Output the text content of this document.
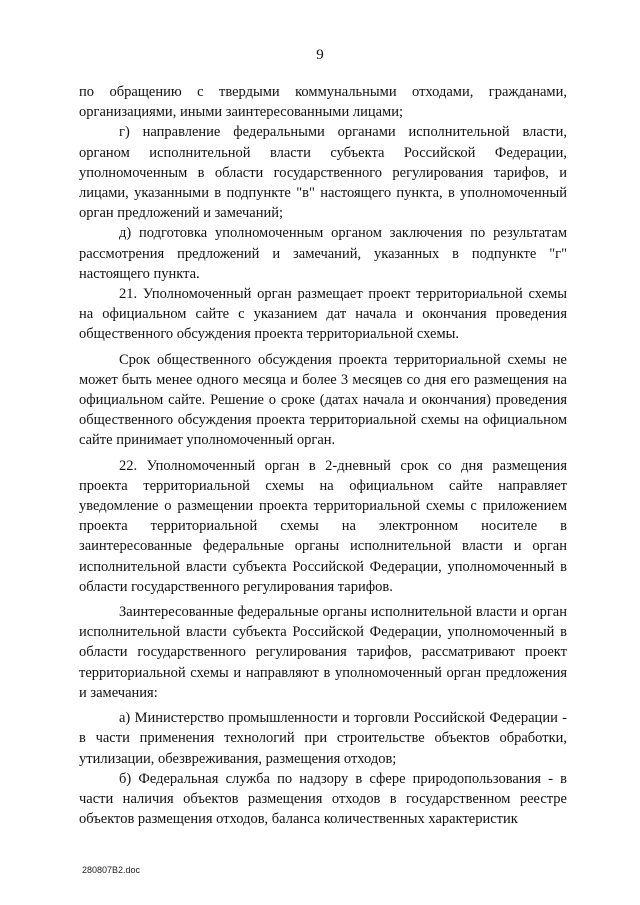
9

по обращению с твердыми коммунальными отходами, гражданами, организациями, иными заинтересованными лицами;

г) направление федеральными органами исполнительной власти, органом исполнительной власти субъекта Российской Федерации, уполномоченным в области государственного регулирования тарифов, и лицами, указанными в подпункте "в" настоящего пункта, в уполномоченный орган предложений и замечаний;

д) подготовка уполномоченным органом заключения по результатам рассмотрения предложений и замечаний, указанных в подпункте "г" настоящего пункта.

21. Уполномоченный орган размещает проект территориальной схемы на официальном сайте с указанием дат начала и окончания проведения общественного обсуждения проекта территориальной схемы.

Срок общественного обсуждения проекта территориальной схемы не может быть менее одного месяца и более 3 месяцев со дня его размещения на официальном сайте. Решение о сроке (датах начала и окончания) проведения общественного обсуждения проекта территориальной схемы на официальном сайте принимает уполномоченный орган.

22. Уполномоченный орган в 2-дневный срок со дня размещения проекта территориальной схемы на официальном сайте направляет уведомление о размещении проекта территориальной схемы с приложением проекта территориальной схемы на электронном носителе в заинтересованные федеральные органы исполнительной власти и орган исполнительной власти субъекта Российской Федерации, уполномоченный в области государственного регулирования тарифов.

Заинтересованные федеральные органы исполнительной власти и орган исполнительной власти субъекта Российской Федерации, уполномоченный в области государственного регулирования тарифов, рассматривают проект территориальной схемы и направляют в уполномоченный орган предложения и замечания:

а) Министерство промышленности и торговли Российской Федерации - в части применения технологий при строительстве объектов обработки, утилизации, обезвреживания, размещения отходов;

б) Федеральная служба по надзору в сфере природопользования - в части наличия объектов размещения отходов в государственном реестре объектов размещения отходов, баланса количественных характеристик

280807B2.doc
